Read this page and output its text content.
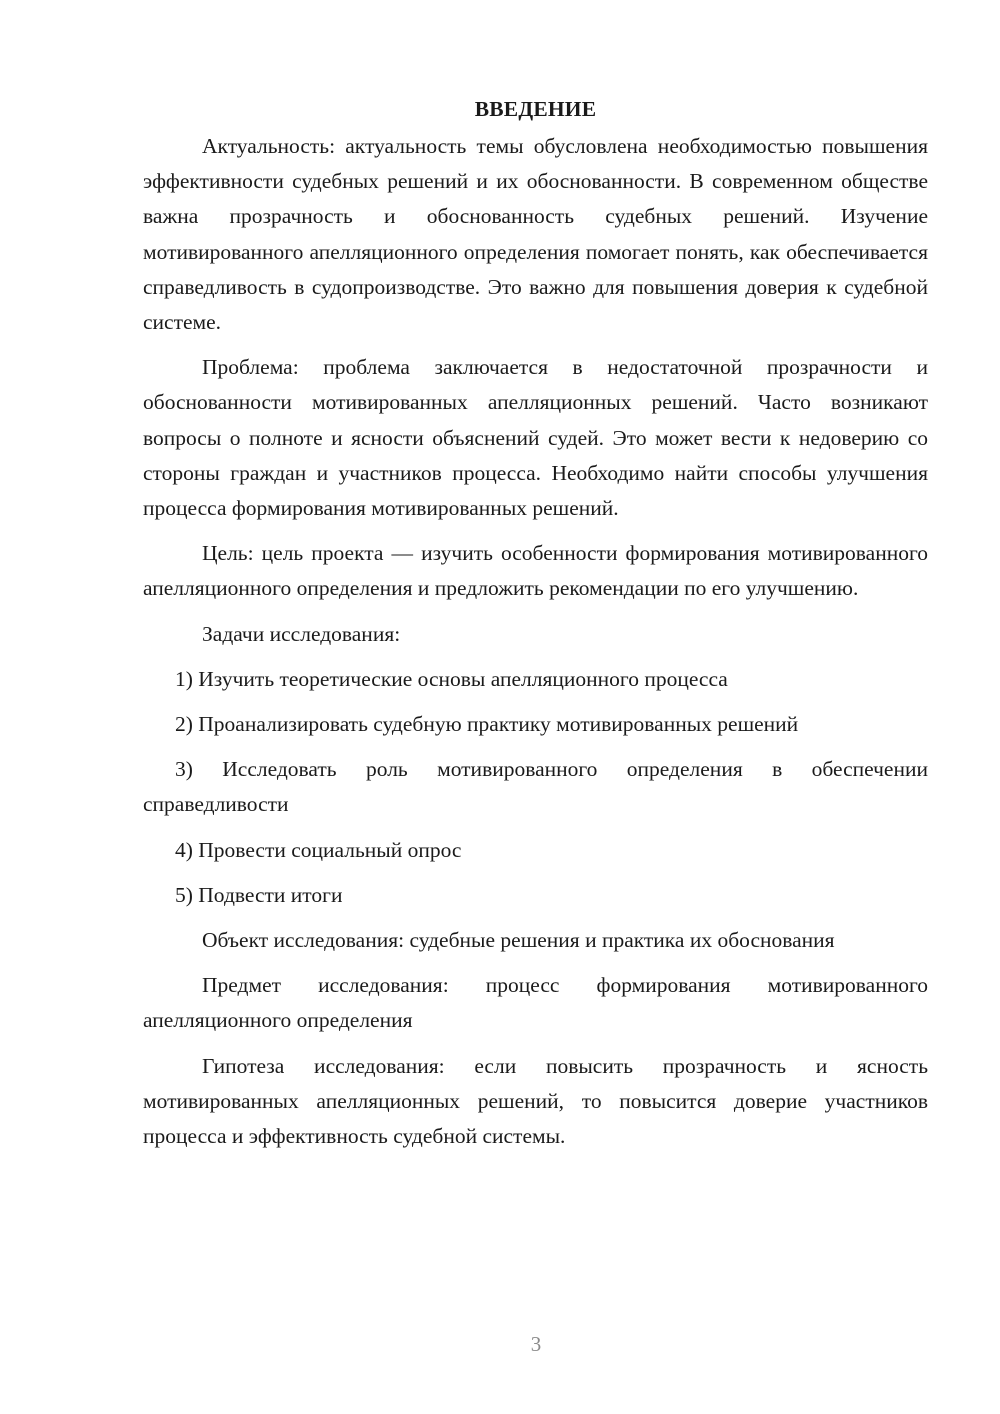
ВВЕДЕНИЕ

Актуальность: актуальность темы обусловлена необходимостью повышения эффективности судебных решений и их обоснованности. В современном обществе важна прозрачность и обоснованность судебных решений. Изучение мотивированного апелляционного определения помогает понять, как обеспечивается справедливость в судопроизводстве. Это важно для повышения доверия к судебной системе.

Проблема: проблема заключается в недостаточной прозрачности и обоснованности мотивированных апелляционных решений. Часто возникают вопросы о полноте и ясности объяснений судей. Это может вести к недоверию со стороны граждан и участников процесса. Необходимо найти способы улучшения процесса формирования мотивированных решений.

Цель: цель проекта — изучить особенности формирования мотивированного апелляционного определения и предложить рекомендации по его улучшению.

Задачи исследования:

1) Изучить теоретические основы апелляционного процесса

2) Проанализировать судебную практику мотивированных решений

3) Исследовать роль мотивированного определения в обеспечении справедливости

4) Провести социальный опрос

5) Подвести итоги

Объект исследования: судебные решения и практика их обоснования

Предмет исследования: процесс формирования мотивированного апелляционного определения

Гипотеза исследования: если повысить прозрачность и ясность мотивированных апелляционных решений, то повысится доверие участников процесса и эффективность судебной системы.

3
